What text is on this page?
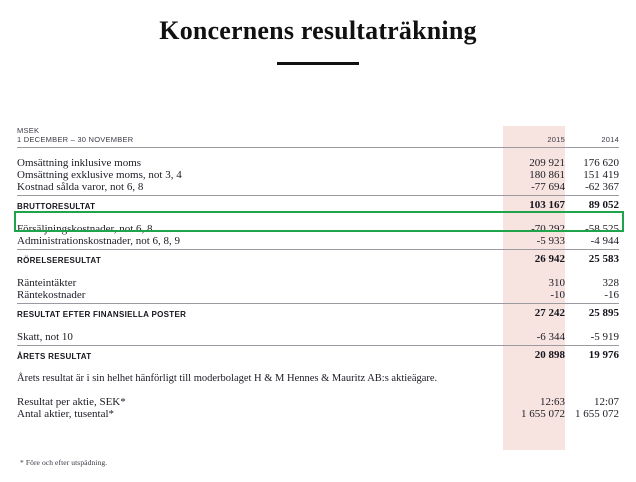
Koncernens resultaträkning
MSEK		
1 DECEMBER – 30 NOVEMBER	2015	2014

Omsättning inklusive moms	209 921	176 620
Omsättning exklusive moms, not 3, 4	180 861	151 419
Kostnad sålda varor, not 6, 8	-77 694	-62 367

BRUTTORESULTAT	103 167	89 052

Försäljningskostnader, not 6, 8	-70 292	-58 525
Administrationskostnader, not 6, 8, 9	-5 933	-4 944

RÖRELSERESULTAT	26 942	25 583

Ränteintäkter	310	328
Räntekostnader	-10	-16

RESULTAT EFTER FINANSIELLA POSTER	27 242	25 895

Skatt, not 10	-6 344	-5 919

ÅRETS RESULTAT	20 898	19 976

Årets resultat är i sin helhet hänförligt till moderbolaget H & M Hennes & Mauritz AB:s aktieägare.		

Resultat per aktie, SEK*	12:63	12:07
Antal aktier, tusental*	1 655 072	1 655 072
* Före och efter utspädning.
